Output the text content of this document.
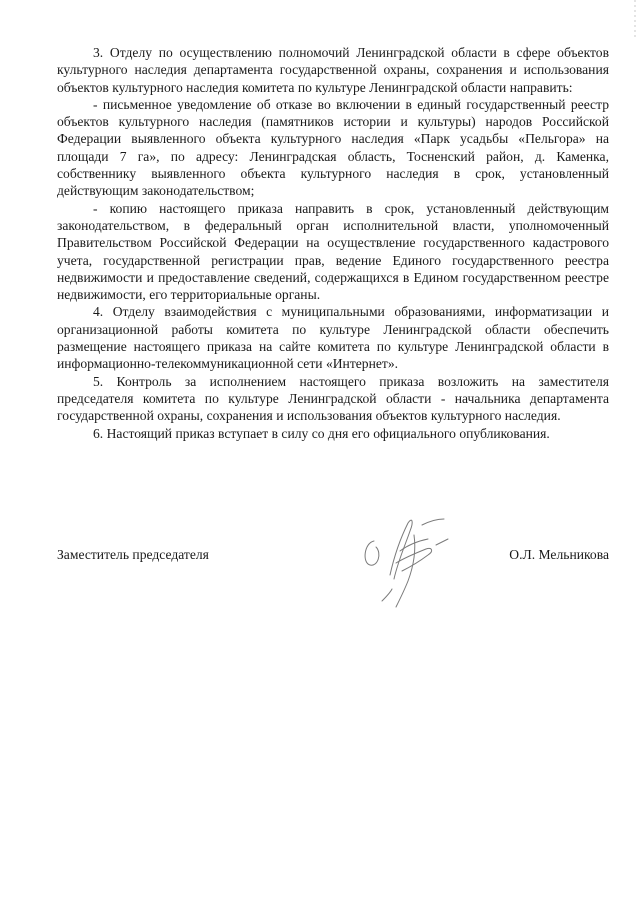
3. Отделу по осуществлению полномочий Ленинградской области в сфере объектов культурного наследия департамента государственной охраны, сохранения и использования объектов культурного наследия комитета по культуре Ленинградской области направить:

- письменное уведомление об отказе во включении в единый государственный реестр объектов культурного наследия (памятников истории и культуры) народов Российской Федерации выявленного объекта культурного наследия «Парк усадьбы «Пельгора» на площади 7 га», по адресу: Ленинградская область, Тосненский район, д. Каменка, собственнику выявленного объекта культурного наследия в срок, установленный действующим законодательством;

- копию настоящего приказа направить в срок, установленный действующим законодательством, в федеральный орган исполнительной власти, уполномоченный Правительством Российской Федерации на осуществление государственного кадастрового учета, государственной регистрации прав, ведение Единого государственного реестра недвижимости и предоставление сведений, содержащихся в Едином государственном реестре недвижимости, его территориальные органы.

4. Отделу взаимодействия с муниципальными образованиями, информатизации и организационной работы комитета по культуре Ленинградской области обеспечить размещение настоящего приказа на сайте комитета по культуре Ленинградской области в информационно-телекоммуникационной сети «Интернет».

5. Контроль за исполнением настоящего приказа возложить на заместителя председателя комитета по культуре Ленинградской области - начальника департамента государственной охраны, сохранения и использования объектов культурного наследия.

6. Настоящий приказ вступает в силу со дня его официального опубликования.

Заместитель председателя	О.Л. Мельникова
